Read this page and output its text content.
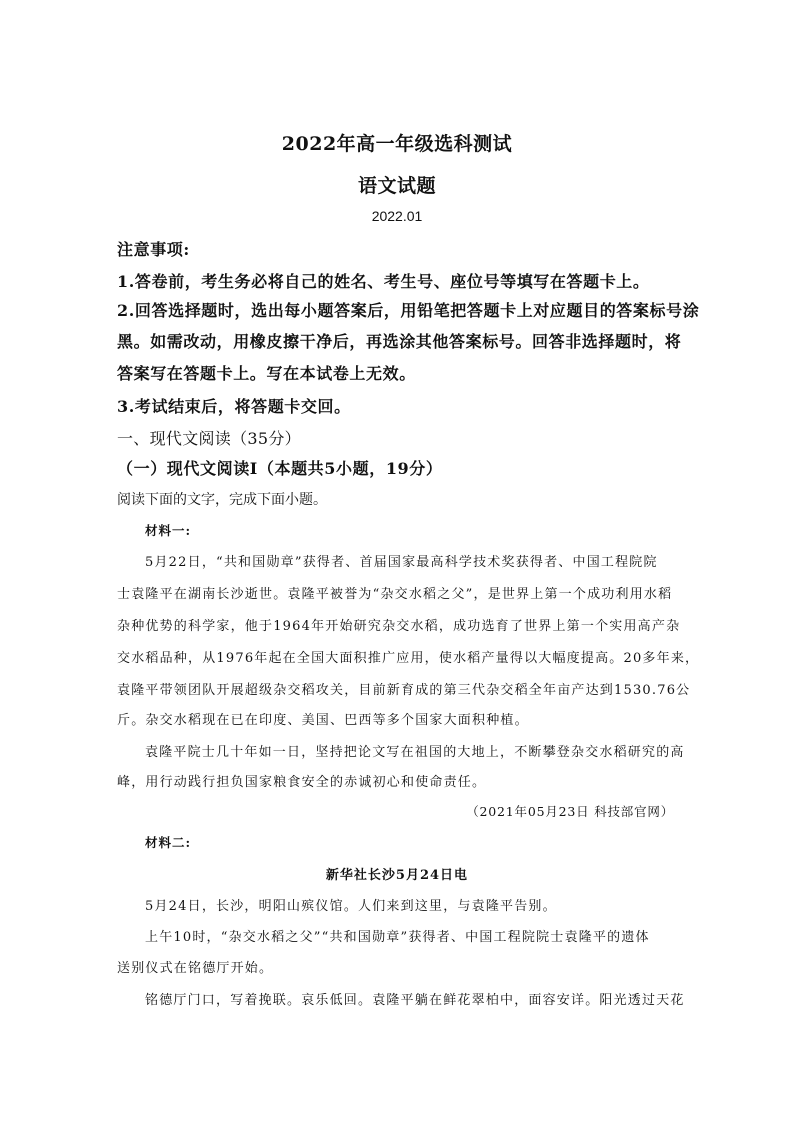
2022年高一年级选科测试
语文试题
2022.01
注意事项:
1.答卷前，考生务必将自己的姓名、考生号、座位号等填写在答题卡上。
2.回答选择题时，选出每小题答案后，用铅笔把答题卡上对应题目的答案标号涂
黑。如需改动，用橡皮擦干净后，再选涂其他答案标号。回答非选择题时，将
答案写在答题卡上。写在本试卷上无效。
3.考试结束后，将答题卡交回。
一、现代文阅读（35分）
（一）现代文阅读Ⅰ（本题共5小题，19分）
阅读下面的文字，完成下面小题。
材料一:
5月22日，“共和国勋章”获得者、首届国家最高科学技术奖获得者、中国工程院院
士袁隆平在湖南长沙逝世。袁隆平被誉为“杂交水稻之父”，是世界上第一个成功利用水稻
杂种优势的科学家，他于1964年开始研究杂交水稻，成功选育了世界上第一个实用高产杂
交水稻品种，从1976年起在全国大面积推广应用，使水稻产量得以大幅度提高。20多年来，
袁隆平带领团队开展超级杂交稻攻关，目前新育成的第三代杂交稻全年亩产达到1530.76公
斤。杂交水稻现在已在印度、美国、巴西等多个国家大面积种植。
袁隆平院士几十年如一日，坚持把论文写在祖国的大地上，不断攀登杂交水稻研究的高
峰，用行动践行担负国家粮食安全的赤诚初心和使命责任。
（2021年05月23日 科技部官网）
材料二:
新华社长沙5月24日电
5月24日，长沙，明阳山殡仪馆。人们来到这里，与袁隆平告别。
上午10时，“杂交水稻之父”“共和国勋章”获得者、中国工程院院士袁隆平的遗体
送别仪式在铭德厅开始。
铭德厅门口，写着挽联。哀乐低回。袁隆平躺在鲜花翠柏中，面容安详。阳光透过天花
